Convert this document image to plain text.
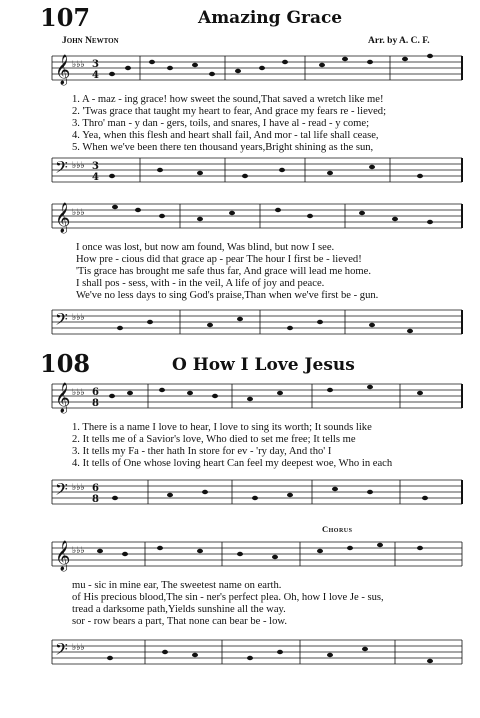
107	Amazing Grace
John Newton	Arr. by A. C. F.
𝄞 ♭♭♭ 3
4
1. A - maz - ing grace! how sweet the sound,That saved a wretch like me!
2. 'Twas grace that taught my heart to fear, And grace my fears re - lieved;
3. Thro' man - y dan - gers, toils, and snares, I have al - read - y come;
4. Yea, when this flesh and heart shall fail, And mor - tal life shall cease,
5. When we've been there ten thousand years,Bright shining as the sun,
𝄢 ♭♭♭ 3
4
𝄞 ♭♭♭
I once was lost, but now am found, Was blind, but now I see.
How pre - cious did that grace ap - pear The hour I first be - lieved!
'Tis grace has brought me safe thus far, And grace will lead me home.
I shall pos - sess, with - in the veil, A life of joy and peace.
We've no less days to sing God's praise,Than when we've first be - gun.
𝄢 ♭♭♭
108	O How I Love Jesus
𝄞 ♭♭♭ 6
8
1. There is a name I love to hear, I love to sing its worth; It sounds like
2. It tells me of a Savior's love, Who died to set me free; It tells me
3. It tells my Fa - ther hath In store for ev - 'ry day, And tho' I
4. It tells of One whose loving heart Can feel my deepest woe, Who in each
𝄢 ♭♭♭ 6
8
Chorus
𝄞 ♭♭♭
mu - sic in mine ear, The sweetest name on earth.
of His precious blood,The sin - ner's perfect plea. Oh, how I love Je - sus,
tread a darksome path,Yields sunshine all the way.
sor - row bears a part, That none can bear be - low.
𝄢 ♭♭♭
